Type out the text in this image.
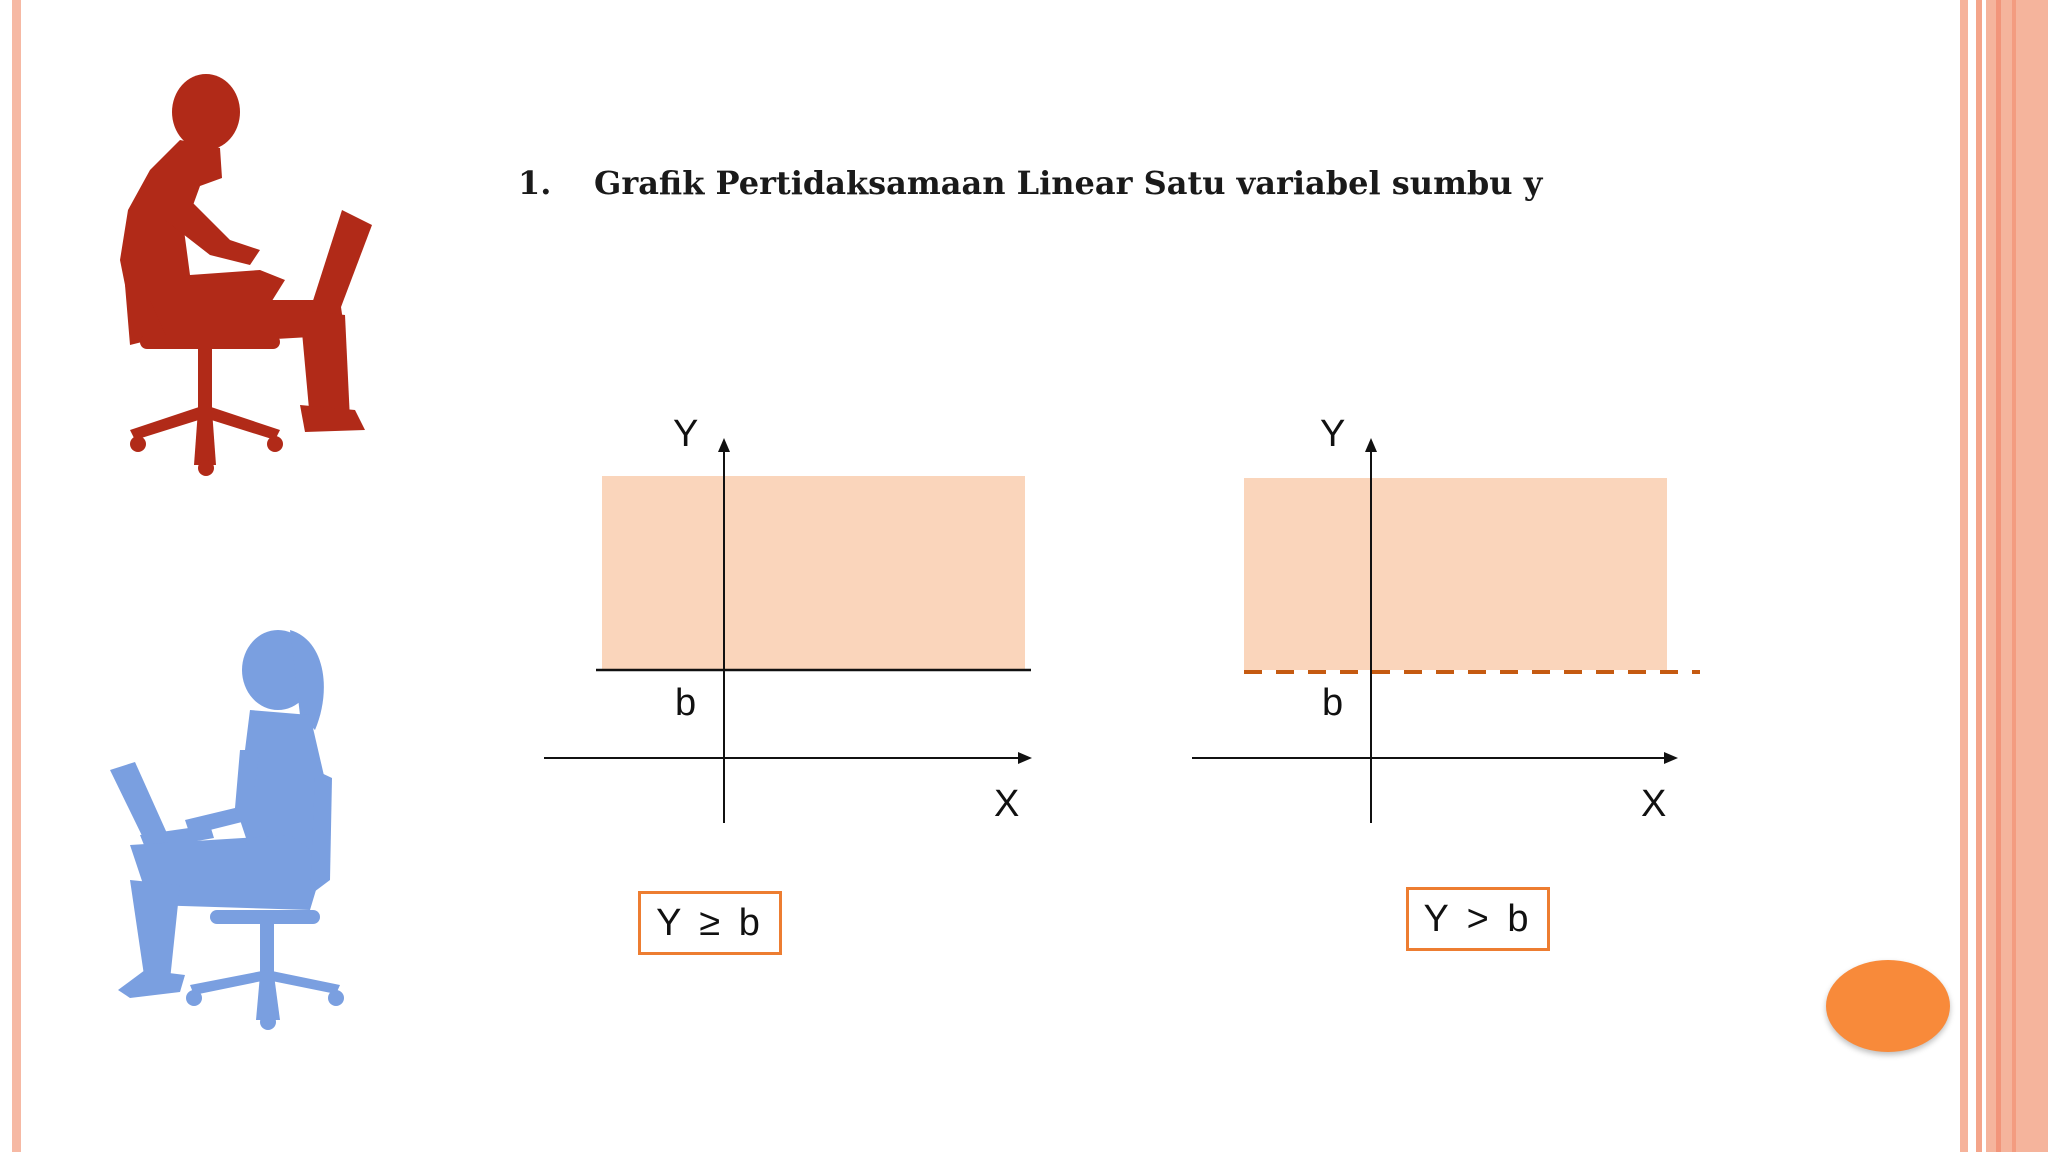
1. Grafik Pertidaksamaan Linear Satu variabel sumbu y
Y
b
X
Y ≥ b
Y
b
X
Y > b
